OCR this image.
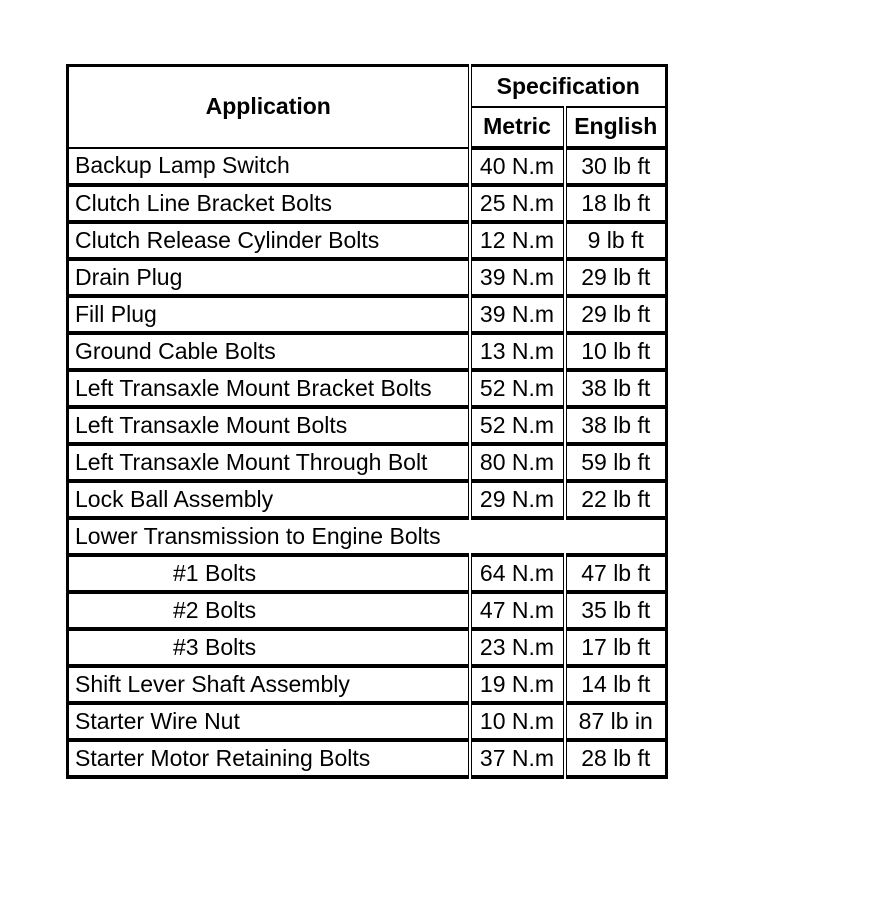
Application	Specification	
	Metric	English
Backup Lamp Switch	40 N.m	30 lb ft
Clutch Line Bracket Bolts	25 N.m	18 lb ft
Clutch Release Cylinder Bolts	12 N.m	9 lb ft
Drain Plug	39 N.m	29 lb ft
Fill Plug	39 N.m	29 lb ft
Ground Cable Bolts	13 N.m	10 lb ft
Left Transaxle Mount Bracket Bolts	52 N.m	38 lb ft
Left Transaxle Mount Bolts	52 N.m	38 lb ft
Left Transaxle Mount Through Bolt	80 N.m	59 lb ft
Lock Ball Assembly	29 N.m	22 lb ft
Lower Transmission to Engine Bolts		
#1 Bolts	64 N.m	47 lb ft
#2 Bolts	47 N.m	35 lb ft
#3 Bolts	23 N.m	17 lb ft
Shift Lever Shaft Assembly	19 N.m	14 lb ft
Starter Wire Nut	10 N.m	87 lb in
Starter Motor Retaining Bolts	37 N.m	28 lb ft
